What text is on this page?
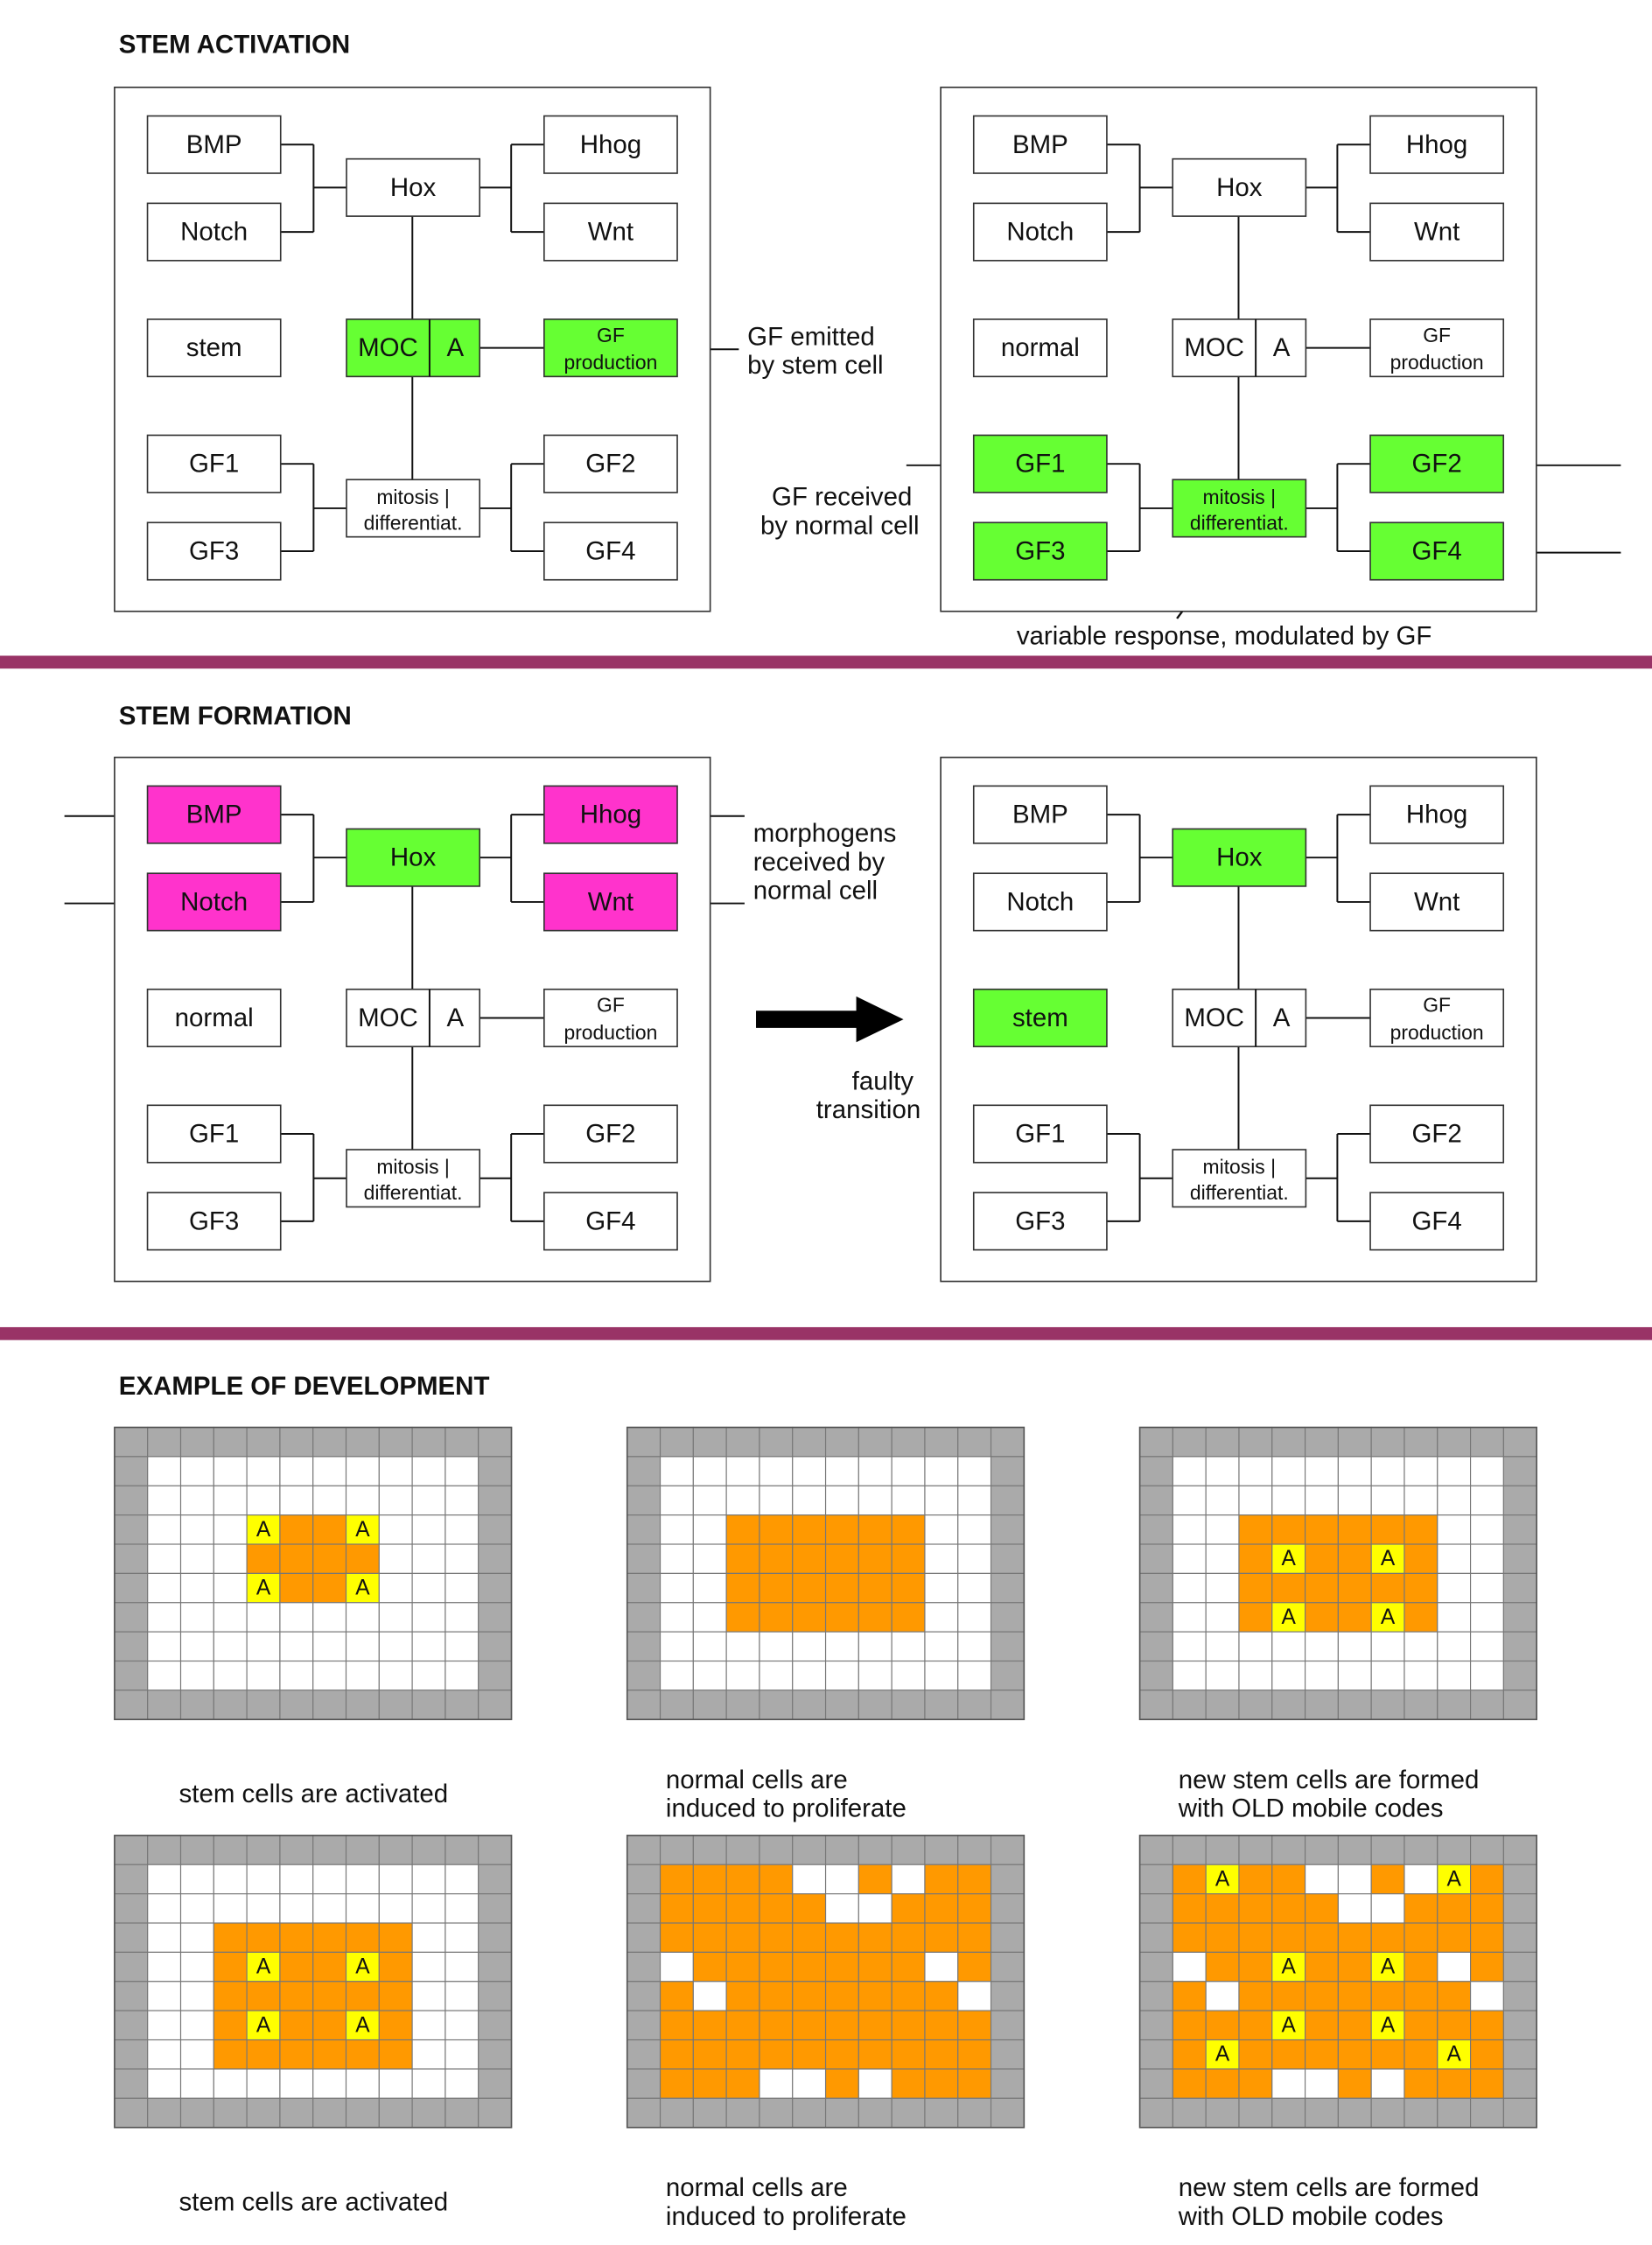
STEM ACTIVATION
STEM FORMATION
EXAMPLE OF DEVELOPMENT
GF emitted by stem cell
GF received by normal cell
variable response, modulated by GF
morphogens received by normal cell
faulty transition
BMP
Notch
Hox
Hhog
Wnt
GF1	GF2
GF3	GF4
stem	MOC A	GF
production
mitosis |
differentiat.
BMP
Notch
Hox
Hhog
Wnt
GF1	GF2
GF3	GF4
normal	MOC A	GF
production
mitosis |
differentiat.
BMP
Notch
Hox
Hhog
Wnt
GF1	GF2
GF3	GF4
normal	MOC A	GF
production
mitosis |
differentiat.
BMP
Notch
Hox
Hhog
Wnt
GF1	GF2
GF3	GF4
stem	MOC A	GF
production
mitosis |
differentiat.
A	A
A	A
stem cells are activated	normal cells are induced to proliferate
A	A
A	A
new stem cells are formed with OLD mobile codes
A	A
A	A
stem cells are activated	normal cells are induced to proliferate
A	A
A	A
A	A
A	A
new stem cells are formed with OLD mobile codes
